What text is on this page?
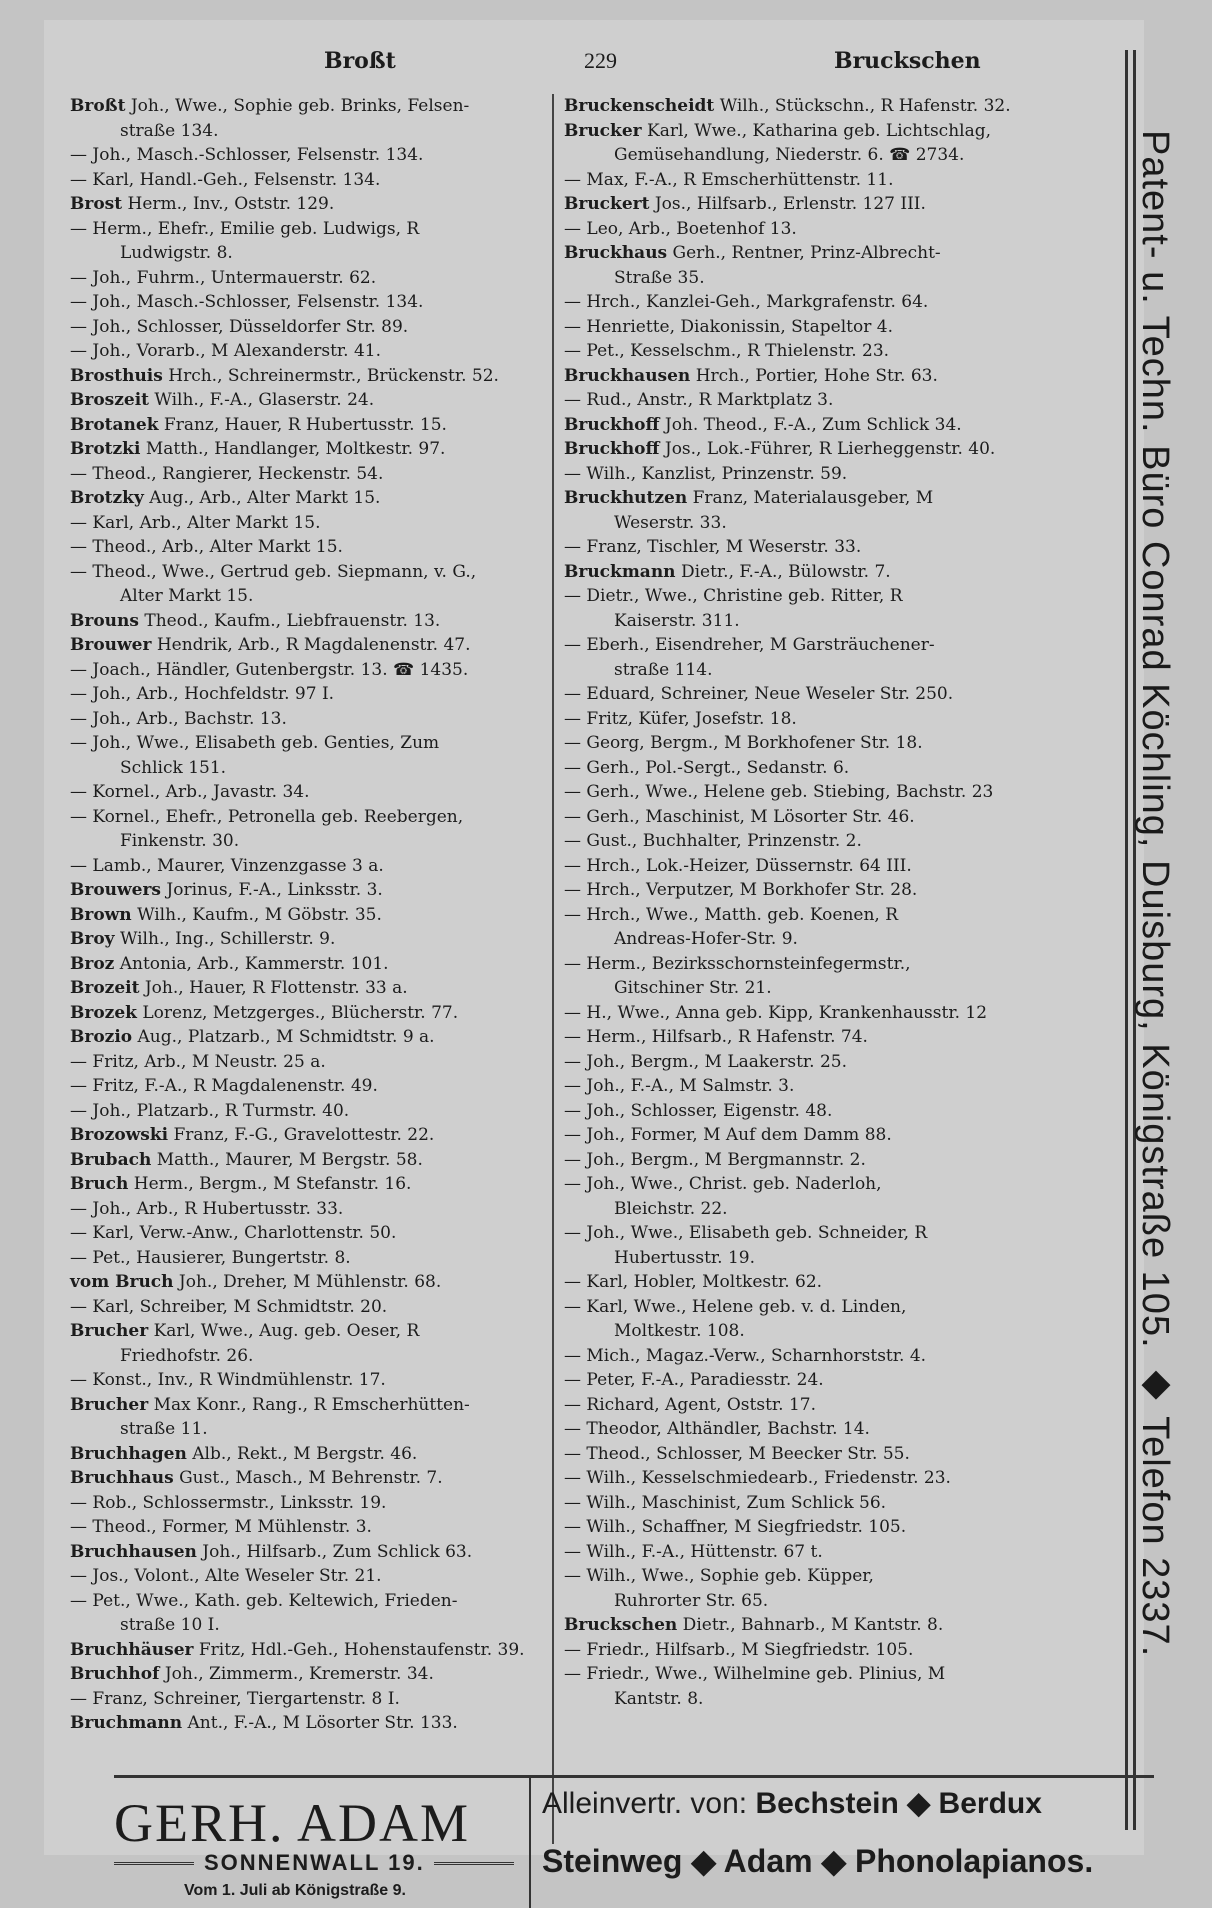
Broßt	229	Bruckschen

Broßt Joh., Wwe., Sophie geb. Brinks, Felsen-

straße 134.

— Joh., Masch.-Schlosser, Felsenstr. 134.

— Karl, Handl.-Geh., Felsenstr. 134.

Brost Herm., Inv., Oststr. 129.

— Herm., Ehefr., Emilie geb. Ludwigs, R

Ludwigstr. 8.

— Joh., Fuhrm., Untermauerstr. 62.

— Joh., Masch.-Schlosser, Felsenstr. 134.

— Joh., Schlosser, Düsseldorfer Str. 89.

— Joh., Vorarb., M Alexanderstr. 41.

Brosthuis Hrch., Schreinermstr., Brückenstr. 52.

Broszeit Wilh., F.-A., Glaserstr. 24.

Brotanek Franz, Hauer, R Hubertusstr. 15.

Brotzki Matth., Handlanger, Moltkestr. 97.

— Theod., Rangierer, Heckenstr. 54.

Brotzky Aug., Arb., Alter Markt 15.

— Karl, Arb., Alter Markt 15.

— Theod., Arb., Alter Markt 15.

— Theod., Wwe., Gertrud geb. Siepmann, v. G.,

Alter Markt 15.

Brouns Theod., Kaufm., Liebfrauenstr. 13.

Brouwer Hendrik, Arb., R Magdalenenstr. 47.

— Joach., Händler, Gutenbergstr. 13. ☎ 1435.

— Joh., Arb., Hochfeldstr. 97 I.

— Joh., Arb., Bachstr. 13.

— Joh., Wwe., Elisabeth geb. Genties, Zum

Schlick 151.

— Kornel., Arb., Javastr. 34.

— Kornel., Ehefr., Petronella geb. Reebergen,

Finkenstr. 30.

— Lamb., Maurer, Vinzenzgasse 3 a.

Brouwers Jorinus, F.-A., Linksstr. 3.

Brown Wilh., Kaufm., M Göbstr. 35.

Broy Wilh., Ing., Schillerstr. 9.

Broz Antonia, Arb., Kammerstr. 101.

Brozeit Joh., Hauer, R Flottenstr. 33 a.

Brozek Lorenz, Metzgerges., Blücherstr. 77.

Brozio Aug., Platzarb., M Schmidtstr. 9 a.

— Fritz, Arb., M Neustr. 25 a.

— Fritz, F.-A., R Magdalenenstr. 49.

— Joh., Platzarb., R Turmstr. 40.

Brozowski Franz, F.-G., Gravelottestr. 22.

Brubach Matth., Maurer, M Bergstr. 58.

Bruch Herm., Bergm., M Stefanstr. 16.

— Joh., Arb., R Hubertusstr. 33.

— Karl, Verw.-Anw., Charlottenstr. 50.

— Pet., Hausierer, Bungertstr. 8.

vom Bruch Joh., Dreher, M Mühlenstr. 68.

— Karl, Schreiber, M Schmidtstr. 20.

Brucher Karl, Wwe., Aug. geb. Oeser, R

Friedhofstr. 26.

— Konst., Inv., R Windmühlenstr. 17.

Brucher Max Konr., Rang., R Emscherhütten-

straße 11.

Bruchhagen Alb., Rekt., M Bergstr. 46.

Bruchhaus Gust., Masch., M Behrenstr. 7.

— Rob., Schlossermstr., Linksstr. 19.

— Theod., Former, M Mühlenstr. 3.

Bruchhausen Joh., Hilfsarb., Zum Schlick 63.

— Jos., Volont., Alte Weseler Str. 21.

— Pet., Wwe., Kath. geb. Keltewich, Frieden-

straße 10 I.

Bruchhäuser Fritz, Hdl.-Geh., Hohenstaufenstr. 39.

Bruchhof Joh., Zimmerm., Kremerstr. 34.

— Franz, Schreiner, Tiergartenstr. 8 I.

Bruchmann Ant., F.-A., M Lösorter Str. 133.

Bruckenscheidt Wilh., Stückschn., R Hafenstr. 32.

Brucker Karl, Wwe., Katharina geb. Lichtschlag,

Gemüsehandlung, Niederstr. 6. ☎ 2734.

— Max, F.-A., R Emscherhüttenstr. 11.

Bruckert Jos., Hilfsarb., Erlenstr. 127 III.

— Leo, Arb., Boetenhof 13.

Bruckhaus Gerh., Rentner, Prinz-Albrecht-

Straße 35.

— Hrch., Kanzlei-Geh., Markgrafenstr. 64.

— Henriette, Diakonissin, Stapeltor 4.

— Pet., Kesselschm., R Thielenstr. 23.

Bruckhausen Hrch., Portier, Hohe Str. 63.

— Rud., Anstr., R Marktplatz 3.

Bruckhoff Joh. Theod., F.-A., Zum Schlick 34.

Bruckhoff Jos., Lok.-Führer, R Lierheggenstr. 40.

— Wilh., Kanzlist, Prinzenstr. 59.

Bruckhutzen Franz, Materialausgeber, M

Weserstr. 33.

— Franz, Tischler, M Weserstr. 33.

Bruckmann Dietr., F.-A., Bülowstr. 7.

— Dietr., Wwe., Christine geb. Ritter, R

Kaiserstr. 311.

— Eberh., Eisendreher, M Garsträuchener-

straße 114.

— Eduard, Schreiner, Neue Weseler Str. 250.

— Fritz, Küfer, Josefstr. 18.

— Georg, Bergm., M Borkhofener Str. 18.

— Gerh., Pol.-Sergt., Sedanstr. 6.

— Gerh., Wwe., Helene geb. Stiebing, Bachstr. 23

— Gerh., Maschinist, M Lösorter Str. 46.

— Gust., Buchhalter, Prinzenstr. 2.

— Hrch., Lok.-Heizer, Düssernstr. 64 III.

— Hrch., Verputzer, M Borkhofer Str. 28.

— Hrch., Wwe., Matth. geb. Koenen, R

Andreas-Hofer-Str. 9.

— Herm., Bezirksschornsteinfegermstr.,

Gitschiner Str. 21.

— H., Wwe., Anna geb. Kipp, Krankenhausstr. 12

— Herm., Hilfsarb., R Hafenstr. 74.

— Joh., Bergm., M Laakerstr. 25.

— Joh., F.-A., M Salmstr. 3.

— Joh., Schlosser, Eigenstr. 48.

— Joh., Former, M Auf dem Damm 88.

— Joh., Bergm., M Bergmannstr. 2.

— Joh., Wwe., Christ. geb. Naderloh,

Bleichstr. 22.

— Joh., Wwe., Elisabeth geb. Schneider, R

Hubertusstr. 19.

— Karl, Hobler, Moltkestr. 62.

— Karl, Wwe., Helene geb. v. d. Linden,

Moltkestr. 108.

— Mich., Magaz.-Verw., Scharnhorststr. 4.

— Peter, F.-A., Paradiesstr. 24.

— Richard, Agent, Oststr. 17.

— Theodor, Althändler, Bachstr. 14.

— Theod., Schlosser, M Beecker Str. 55.

— Wilh., Kesselschmiedearb., Friedenstr. 23.

— Wilh., Maschinist, Zum Schlick 56.

— Wilh., Schaffner, M Siegfriedstr. 105.

— Wilh., F.-A., Hüttenstr. 67 t.

— Wilh., Wwe., Sophie geb. Küpper,

Ruhrorter Str. 65.

Bruckschen Dietr., Bahnarb., M Kantstr. 8.

— Friedr., Hilfsarb., M Siegfriedstr. 105.

— Friedr., Wwe., Wilhelmine geb. Plinius, M

Kantstr. 8.

GERH. ADAM
SONNENWALL 19.
Vom 1. Juli ab Königstraße 9.
Alleinvertr. von: Bechstein ◆ Berdux
Steinweg ◆ Adam ◆ Phonolapianos.
Patent- u. Techn. Büro Conrad Köchling, Duisburg, Königstraße 105. ◆ Telefon 2337.
